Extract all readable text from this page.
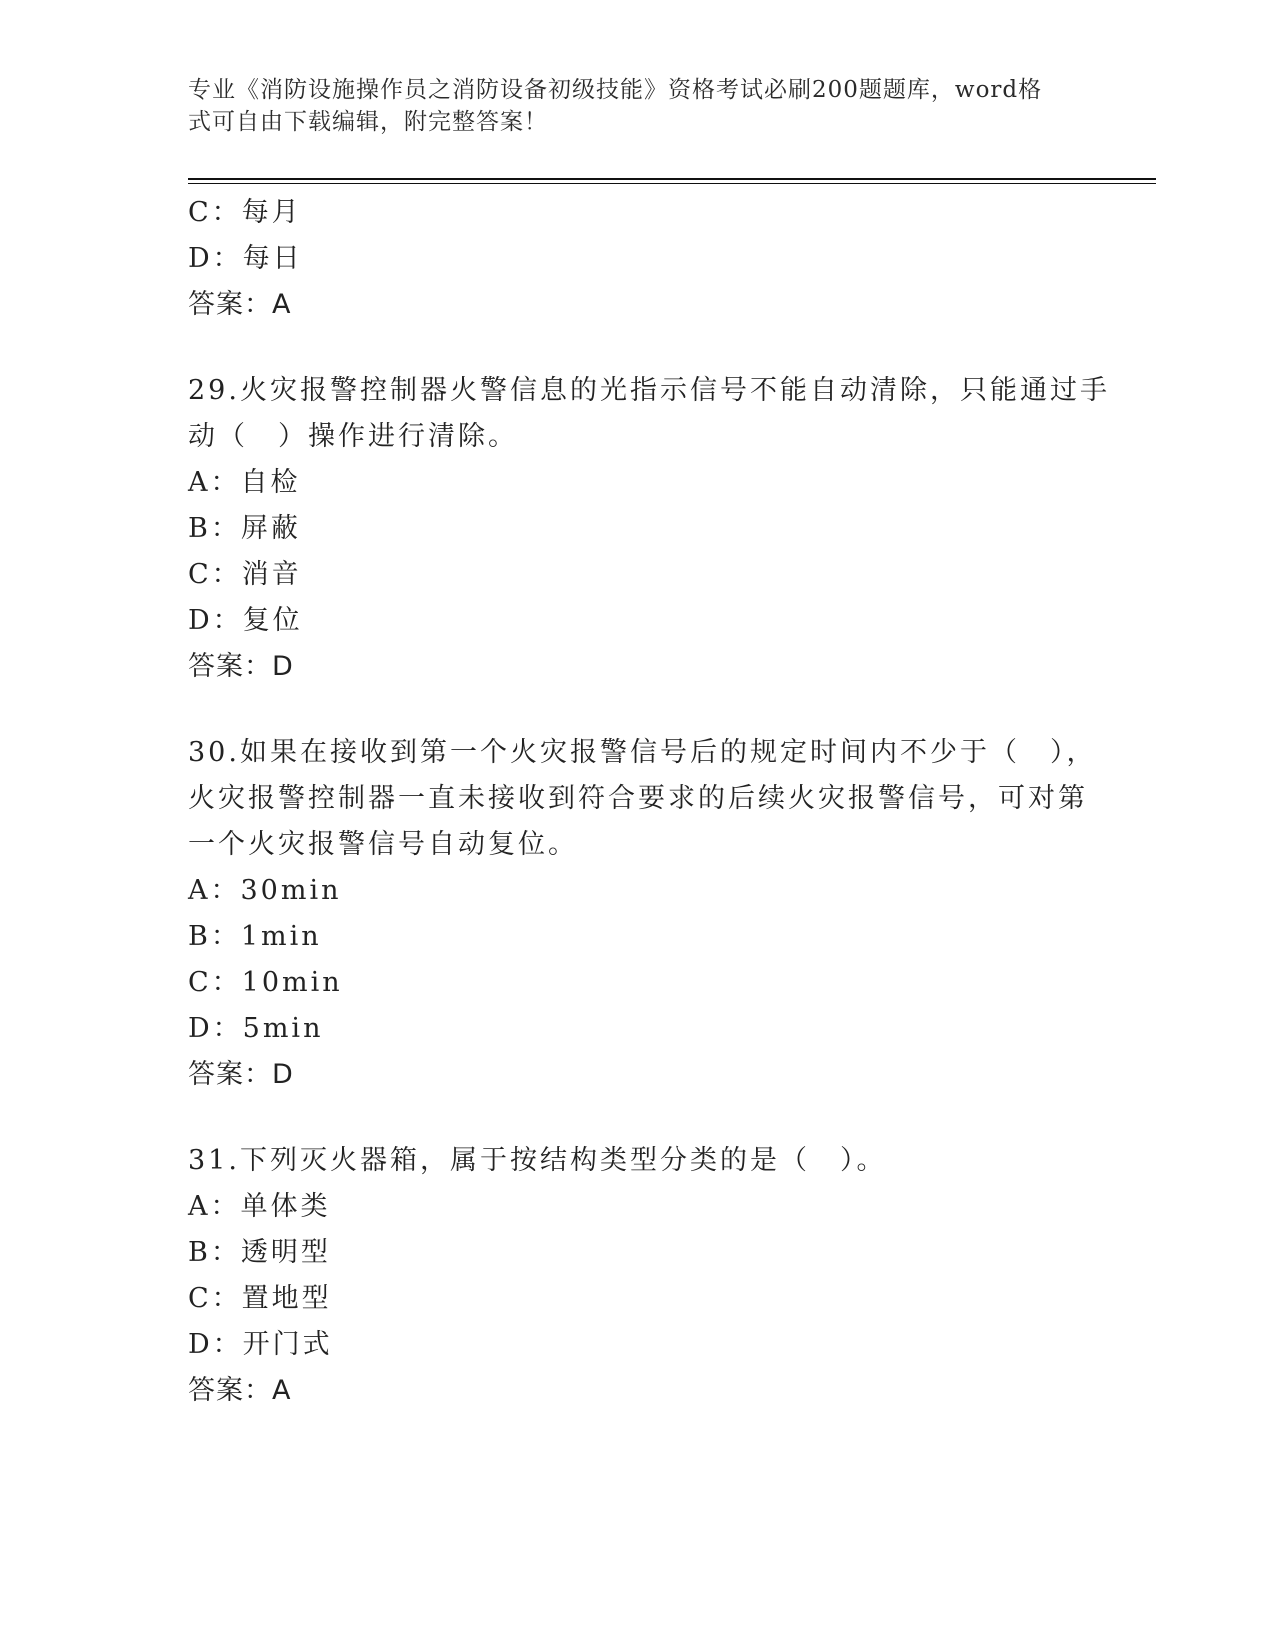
专业《消防设施操作员之消防设备初级技能》资格考试必刷200题题库，word格
式可自由下载编辑，附完整答案！
C：每月
D：每日
答案：A
29.火灾报警控制器火警信息的光指示信号不能自动清除，只能通过手
动（　）操作进行清除。
A：自检
B：屏蔽
C：消音
D：复位
答案：D
30.如果在接收到第一个火灾报警信号后的规定时间内不少于（　），
火灾报警控制器一直未接收到符合要求的后续火灾报警信号，可对第
一个火灾报警信号自动复位。
A：30min
B：1min
C：10min
D：5min
答案：D
31.下列灭火器箱，属于按结构类型分类的是（　）。
A：单体类
B：透明型
C：置地型
D：开门式
答案：A
